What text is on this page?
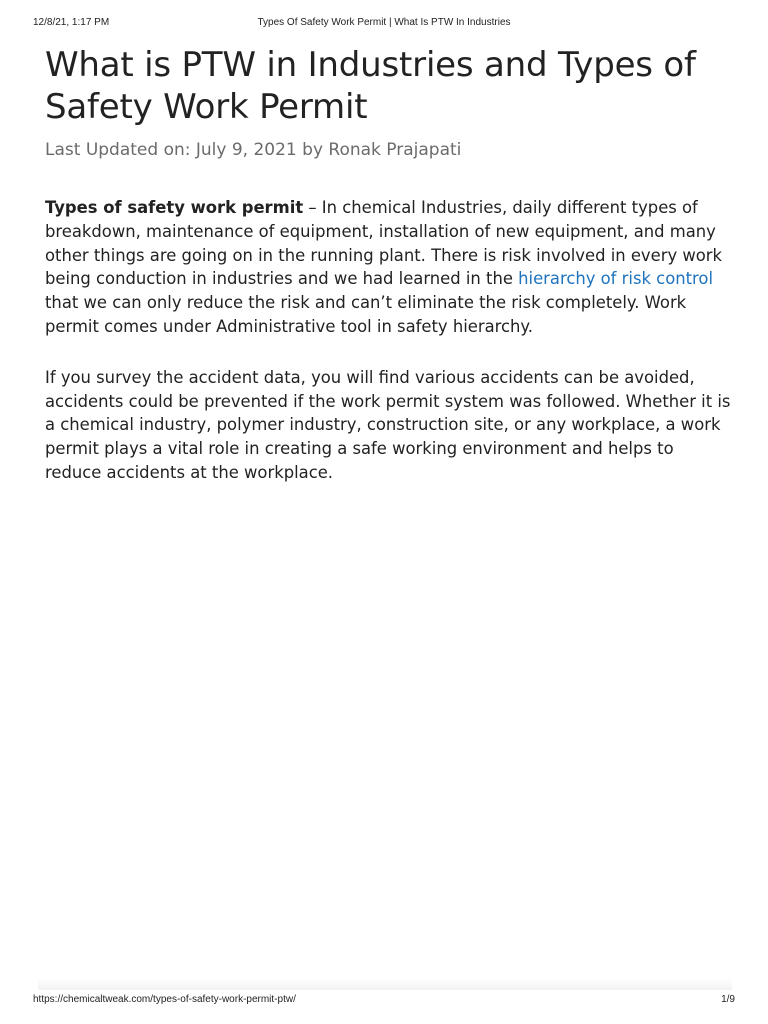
Types Of Safety Work Permit | What Is PTW In Industries
12/8/21, 1:17 PM
What is PTW in Industries and Types of Safety Work Permit
Last Updated on: July 9, 2021 by Ronak Prajapati

Types of safety work permit – In chemical Industries, daily different types of breakdown, maintenance of equipment, installation of new equipment, and many other things are going on in the running plant. There is risk involved in every work being conduction in industries and we had learned in the hierarchy of risk control that we can only reduce the risk and can’t eliminate the risk completely. Work permit comes under Administrative tool in safety hierarchy.

If you survey the accident data, you will find various accidents can be avoided, accidents could be prevented if the work permit system was followed. Whether it is a chemical industry, polymer industry, construction site, or any workplace, a work permit plays a vital role in creating a safe working environment and helps to reduce accidents at the workplace.

https://chemicaltweak.com/types-of-safety-work-permit-ptw/	1/9
